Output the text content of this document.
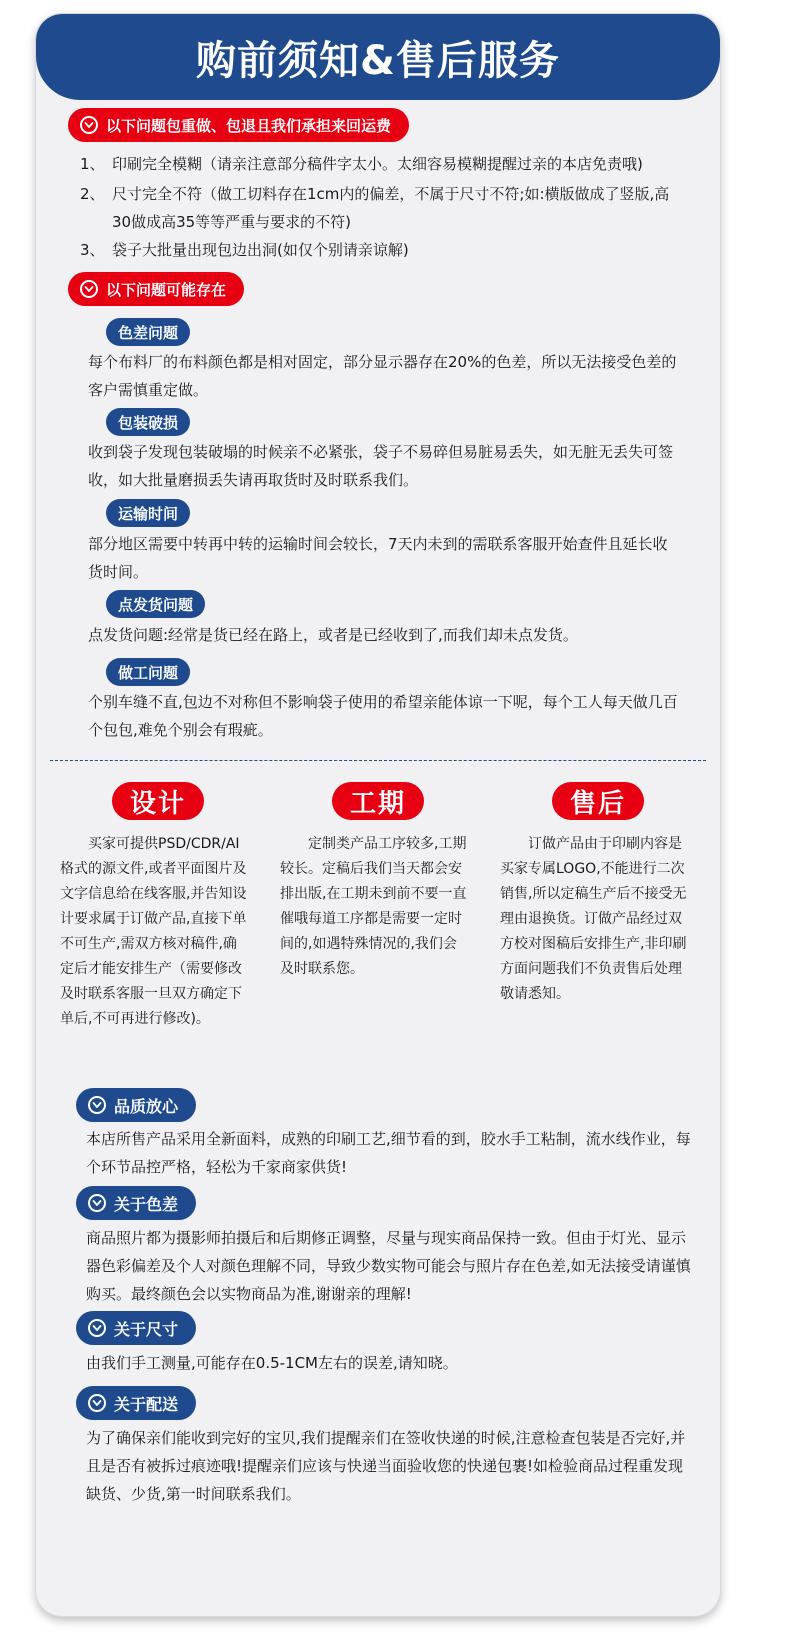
购前须知&售后服务
以下问题包重做、包退且我们承担来回运费
1、 印刷完全模糊（请亲注意部分稿件字太小。太细容易模糊提醒过亲的本店免责哦)
2、 尺寸完全不符（做工切料存在1cm内的偏差，不属于尺寸不符;如:横版做成了竖版,高30做成高35等等严重与要求的不符)
3、 袋子大批量出现包边出洞(如仅个别请亲谅解)
以下问题可能存在
色差问题
每个布料厂的布料颜色都是相对固定，部分显示器存在20%的色差，所以无法接受色差的客户需慎重定做。
包装破损
收到袋子发现包装破塌的时候亲不必紧张，袋子不易碎但易脏易丢失，如无脏无丢失可签收，如大批量磨损丢失请再取货时及时联系我们。
运输时间
部分地区需要中转再中转的运输时间会较长，7天内未到的需联系客服开始查件且延长收货时间。
点发货问题
点发货问题:经常是货已经在路上，或者是已经收到了,而我们却未点发货。
做工问题
个别车缝不直,包边不对称但不影响袋子使用的希望亲能体谅一下呢，每个工人每天做几百个包包,难免个别会有瑕疵。
设计
买家可提供PSD/CDR/AI格式的源文件,或者平面图片及文字信息给在线客服,并告知设计要求属于订做产品,直接下单不可生产,需双方核对稿件,确定后才能安排生产（需要修改及时联系客服一旦双方确定下单后,不可再进行修改)。
工期
定制类产品工序较多,工期较长。定稿后我们当天都会安排出版,在工期未到前不要一直催哦每道工序都是需要一定时间的,如遇特殊情况的,我们会及时联系您。
售后
订做产品由于印刷内容是买家专属LOGO,不能进行二次销售,所以定稿生产后不接受无理由退换货。订做产品经过双方校对图稿后安排生产,非印刷方面问题我们不负责售后处理敬请悉知。
品质放心
本店所售产品采用全新面料，成熟的印刷工艺,细节看的到，胶水手工粘制，流水线作业，每个环节品控严格，轻松为千家商家供货!
关于色差
商品照片都为摄影师拍摄后和后期修正调整，尽量与现实商品保持一致。但由于灯光、显示器色彩偏差及个人对颜色理解不同，导致少数实物可能会与照片存在色差,如无法接受请谨慎购买。最终颜色会以实物商品为准,谢谢亲的理解!
关于尺寸
由我们手工测量,可能存在0.5-1CM左右的误差,请知晓。
关于配送
为了确保亲们能收到完好的宝贝,我们提醒亲们在签收快递的时候,注意检查包装是否完好,并且是否有被拆过痕迹哦!提醒亲们应该与快递当面验收您的快递包裹!如检验商品过程重发现缺货、少货,第一时间联系我们。
